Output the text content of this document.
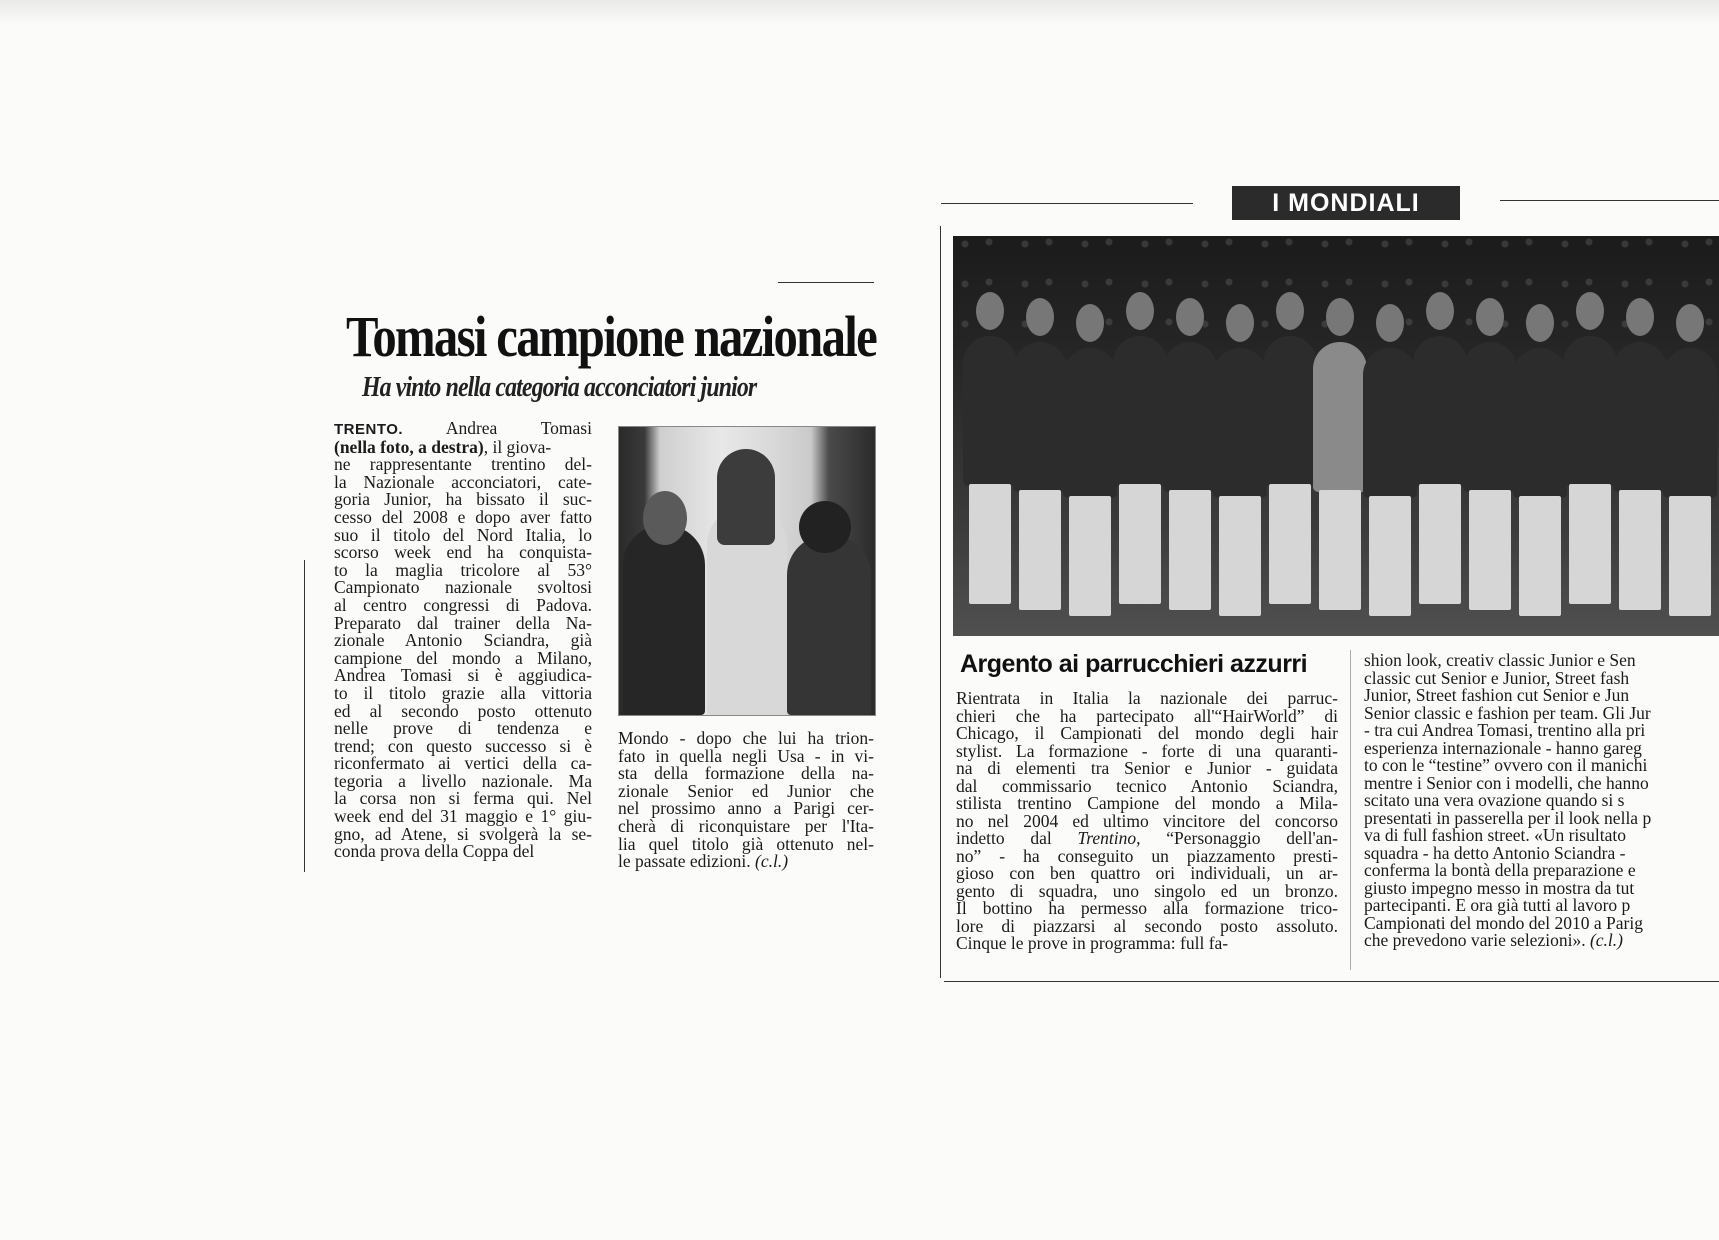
Tomasi campione nazionale
Ha vinto nella categoria acconciatori junior
TRENTO. Andrea Tomasi
(nella foto, a destra), il giova-
ne rappresentante trentino del-
la Nazionale acconciatori, cate-
goria Junior, ha bissato il suc-
cesso del 2008 e dopo aver fatto
suo il titolo del Nord Italia, lo
scorso week end ha conquista-
to la maglia tricolore al 53°
Campionato nazionale svoltosi
al centro congressi di Padova.
Preparato dal trainer della Na-
zionale Antonio Sciandra, già
campione del mondo a Milano,
Andrea Tomasi si è aggiudica-
to il titolo grazie alla vittoria
ed al secondo posto ottenuto
nelle prove di tendenza e
trend; con questo successo si è
riconfermato ai vertici della ca-
tegoria a livello nazionale. Ma
la corsa non si ferma qui. Nel
week end del 31 maggio e 1° giu-
gno, ad Atene, si svolgerà la se-
conda prova della Coppa del
Mondo - dopo che lui ha trion-
fato in quella negli Usa - in vi-
sta della formazione della na-
zionale Senior ed Junior che
nel prossimo anno a Parigi cer-
cherà di riconquistare per l'Ita-
lia quel titolo già ottenuto nel-
le passate edizioni. (c.l.)
I MONDIALI
Argento ai parrucchieri azzurri
Rientrata in Italia la nazionale dei parruc-
chieri che ha partecipato all'“HairWorld” di
Chicago, il Campionati del mondo degli hair
stylist. La formazione - forte di una quaranti-
na di elementi tra Senior e Junior - guidata
dal commissario tecnico Antonio Sciandra,
stilista trentino Campione del mondo a Mila-
no nel 2004 ed ultimo vincitore del concorso
indetto dal Trentino, “Personaggio dell'an-
no” - ha conseguito un piazzamento presti-
gioso con ben quattro ori individuali, un ar-
gento di squadra, uno singolo ed un bronzo.
Il bottino ha permesso alla formazione trico-
lore di piazzarsi al secondo posto assoluto.
Cinque le prove in programma: full fa-
shion look, creativ classic Junior e Sen
classic cut Senior e Junior, Street fash
Junior, Street fashion cut Senior e Jun
Senior classic e fashion per team. Gli Jur
- tra cui Andrea Tomasi, trentino alla pri
esperienza internazionale - hanno gareg
to con le “testine” ovvero con il manichi
mentre i Senior con i modelli, che hanno
scitato una vera ovazione quando si s
presentati in passerella per il look nella p
va di full fashion street. «Un risultato
squadra - ha detto Antonio Sciandra -
conferma la bontà della preparazione e
giusto impegno messo in mostra da tut
partecipanti. E ora già tutti al lavoro p
Campionati del mondo del 2010 a Parig
che prevedono varie selezioni». (c.l.)
